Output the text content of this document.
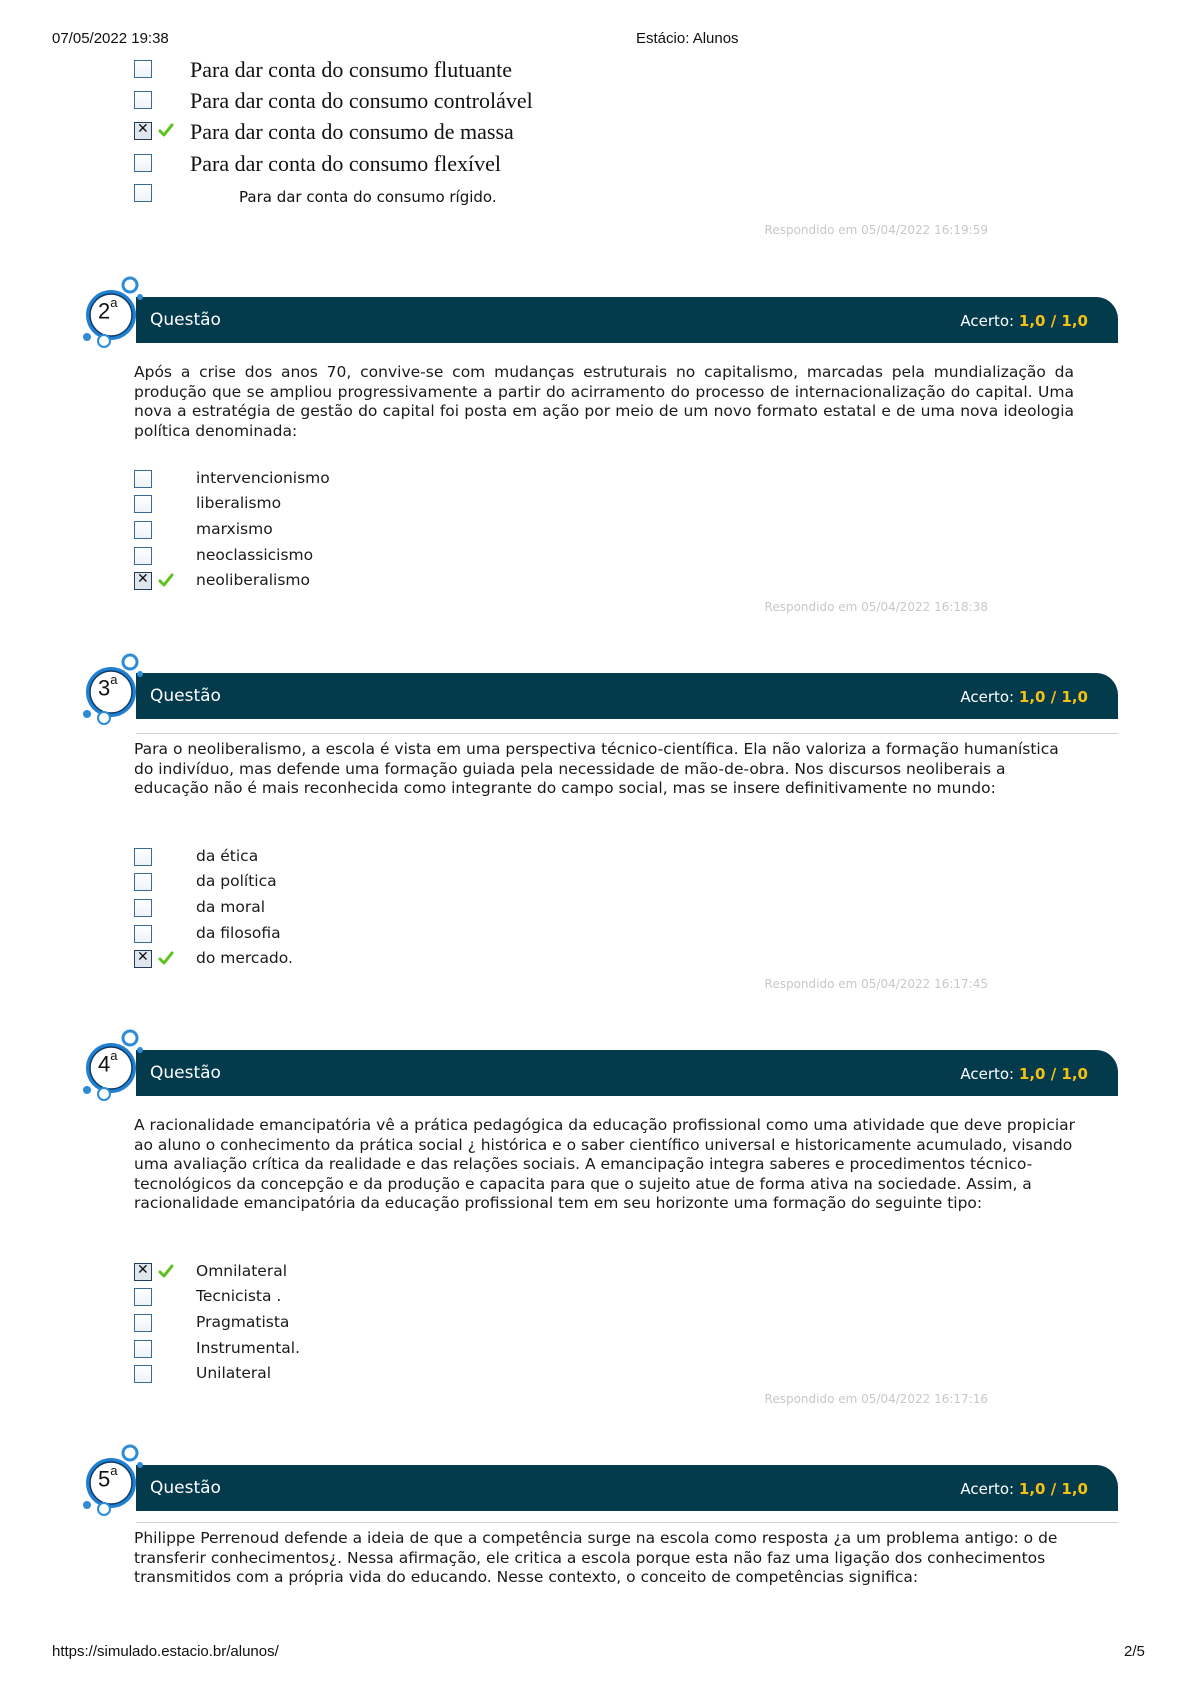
07/05/2022 19:38	Estácio: Alunos
Para dar conta do consumo flutuante
Para dar conta do consumo controlável
✕
Para dar conta do consumo de massa
Para dar conta do consumo flexível
Para dar conta do consumo rígido.
Respondido em 05/04/2022 16:19:59
Questão	Acerto: 1,0 / 1,0
2$^a$
Após a crise dos anos 70, convive-se com mudanças estruturais no capitalismo, marcadas pela mundialização da produção que se ampliou progressivamente a partir do acirramento do processo de internacionalização do capital. Uma nova a estratégia de gestão do capital foi posta em ação por meio de um novo formato estatal e de uma nova ideologia política denominada:
intervencionismo
liberalismo
marxismo
neoclassicismo
✕
neoliberalismo
Respondido em 05/04/2022 16:18:38
Questão	Acerto: 1,0 / 1,0
3$^a$
Para o neoliberalismo, a escola é vista em uma perspectiva técnico-científica. Ela não valoriza a formação humanística do indivíduo, mas defende uma formação guiada pela necessidade de mão-de-obra. Nos discursos neoliberais a educação não é mais reconhecida como integrante do campo social, mas se insere definitivamente no mundo:
da ética
da política
da moral
da filosofia
✕
do mercado.
Respondido em 05/04/2022 16:17:45
Questão	Acerto: 1,0 / 1,0
4$^a$
A racionalidade emancipatória vê a prática pedagógica da educação profissional como uma atividade que deve propiciar ao aluno o conhecimento da prática social ¿ histórica e o saber científico universal e historicamente acumulado, visando uma avaliação crítica da realidade e das relações sociais. A emancipação integra saberes e procedimentos técnico-tecnológicos da concepção e da produção e capacita para que o sujeito atue de forma ativa na sociedade. Assim, a racionalidade emancipatória da educação profissional tem em seu horizonte uma formação do seguinte tipo:
✕
Omnilateral
Tecnicista .
Pragmatista
Instrumental.
Unilateral
Respondido em 05/04/2022 16:17:16
Questão	Acerto: 1,0 / 1,0
5$^a$
Philippe Perrenoud defende a ideia de que a competência surge na escola como resposta ¿a um problema antigo: o de transferir conhecimentos¿. Nessa afirmação, ele critica a escola porque esta não faz uma ligação dos conhecimentos transmitidos com a própria vida do educando. Nesse contexto, o conceito de competências significa:
https://simulado.estacio.br/alunos/	2/5
